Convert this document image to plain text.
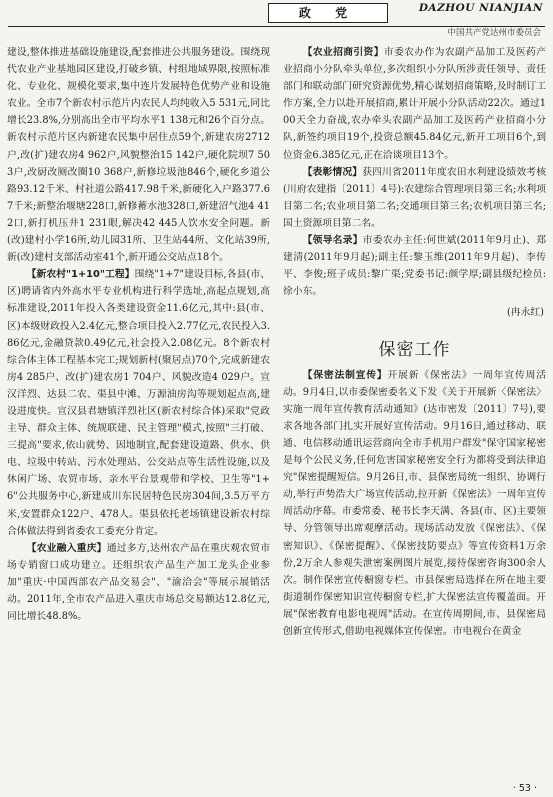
政 党	DAZHOU NIANJIAN
中国共产党达州市委员会

建设,整体推进基础设施建设,配套推进公共服务建设。围绕现代农业产业基地园区建设,打破乡镇、村组地域界限,按照标准化、专业化、规模化要求,集中连片发展特色优势产业和设施农业。全市7个新农村示范片内农民人均纯收入5 531元,同比增长23.8%,分别高出全市平均水平1 138元和26个百分点。新农村示范片区内新建农民集中居住点59个,新建农房2712户,改(扩)建农房4 962户,风貌整治15 142户,硬化院坝7 503户,改厨改厕改圈10 368户,新修垃圾池846个,硬化乡道公路93.12千米、村社道公路417.98千米,新硬化入户路377.67千米;新整治堰塘228口,新修蓄水池328口,新建沼气池4 412口,新打机压井1 231眼,解决42 445人饮水安全问题。新(改)建村小学16所,幼儿园31所、卫生站44所、文化站39所,新(改)建村支部活动室41个,新开通公交站点18个。

【新农村"1+10"工程】围绕"1+7"建设目标,各县(市、区)聘请省内外高水平专业机构进行科学选址,高起点规划,高标准建设,2011年投入各类建设资金11.6亿元,其中:县(市、区)本级财政投入2.4亿元,整合项目投入2.77亿元,农民投入3.86亿元,金融贷款0.49亿元,社会投入2.08亿元。8个新农村综合体主体工程基本完工;规划新村(聚居点)70个,完成新建农房4 285户、改(扩)建农房1 704户、风貌改造4 029户。宣汉洋烈、达县二农、渠县中滩、万源油房沟等规划起点高,建设进度快。宣汉县君塘镇洋烈社区(新农村综合体)采取"党政主导、群众主体、统规联建、民主管理"模式,按照"三打破、三提高"要求,依山就势、因地制宜,配套建设道路、供水、供电、垃圾中转站、污水处理站、公交站点等生活性设施,以及休闲广场、农贸市场、亲水平台景观带和学校、卫生等"1+6"公共服务中心,新建成川东民居特色民房304间,3.5万平方米,安置群众122户、478人。渠县依托老场镇建设新农村综合体做法得到省委农工委充分肯定。

【农业融入重庆】通过多方,达州农产品在重庆观农贸市场专销窗口成功建立。还组织农产品生产加工龙头企业参加"重庆·中国西部农产品交易会"、"渝洽会"等展示展销活动。2011年,全市农产品进入重庆市场总交易额达12.8亿元,同比增长48.8%。

【农业招商引资】市委农办作为农副产品加工及医药产业招商小分队牵头单位,多次组织小分队所涉责任领导、责任部门和联动部门研究资源优势,精心谋划招商策略,及时制订工作方案,全力以赴开展招商,累计开展小分队活动22次。通过100天全力奋战,农办牵头农副产品加工及医药产业招商小分队,新签约项目19个,投资总额45.84亿元,新开工项目6个,到位资金6.385亿元,正在洽谈项目13个。

【表彰情况】获四川省2011年度农田水利建设绩效考核(川府农建指〔2011〕4号):农建综合管理项目第三名;水利项目第二名;农业项目第二名;交通项目第三名;农机项目第三名;国土资源项目第二名。

【领导名录】市委农办主任:何世斌(2011年9月止)、郑建清(2011年9月起);副主任:黎玉维(2011年9月起)、李传平、李俊;班子成员:黎广渠;党委书记:颜学厚;副县级纪检员:徐小东。

(冉永红)

保密工作

【保密法制宣传】开展新《保密法》一周年宣传周活动。9月4日,以市委保密委名义下发《关于开展新〈保密法〉实施一周年宣传教育活动通知》(达市密发〔2011〕7号),要求各地各部门扎实开展好宣传活动。9月16日,通过移动、联通、电信移动通讯运营商向全市手机用户群发"保守国家秘密是每个公民义务,任何危害国家秘密安全行为都将受到法律追究"保密提醒短信。9月26日,市、县保密局统一组织、协调行动,举行声势浩大广场宣传活动,拉开新《保密法》一周年宣传周活动序幕。市委常委、秘书长李天满、各县(市、区)主要领导、分管领导出席观摩活动。现场活动发放《保密法》、《保密知识》、《保密提醒》、《保密技防要点》等宣传资料1万余份,2万余人参观失泄密案例图片展览,接待保密咨询300余人次。制作保密宣传橱窗专栏。市县保密局选择在所在地主要街道制作保密知识宣传橱窗专栏,扩大保密法宣传覆盖面。开展"保密教育电影电视周"活动。在宣传周期间,市、县保密局创新宣传形式,借助电视媒体宣传保密。市电视台在黄金

· 53 ·
